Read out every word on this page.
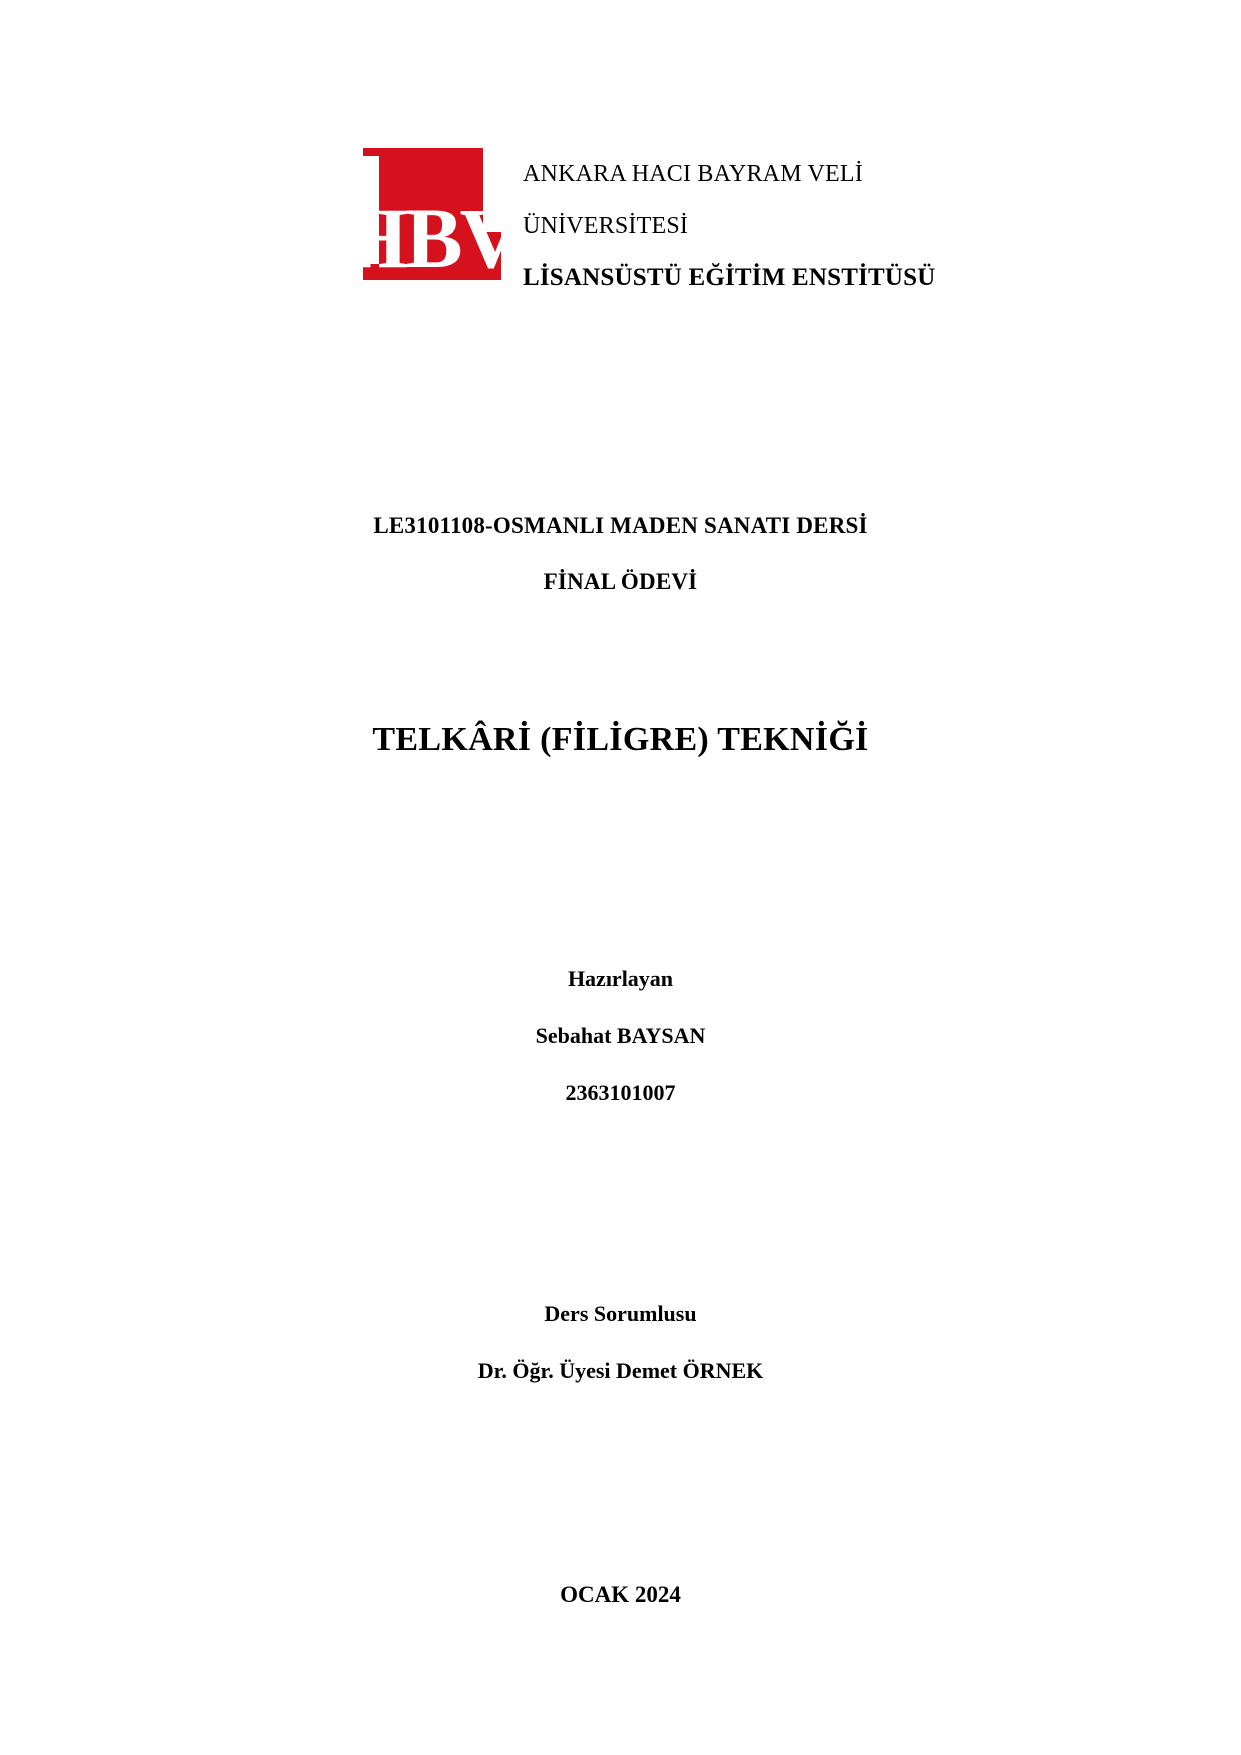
HBV
ANKARA HACI BAYRAM VELİ
ÜNİVERSİTESİ
LİSANSÜSTÜ EĞİTİM ENSTİTÜSÜ
LE3101108-OSMANLI MADEN SANATI DERSİ
FİNAL ÖDEVİ
TELKÂRİ (FİLİGRE) TEKNİĞİ
Hazırlayan
Sebahat BAYSAN
2363101007
Ders Sorumlusu
Dr. Öğr. Üyesi Demet ÖRNEK
OCAK 2024
